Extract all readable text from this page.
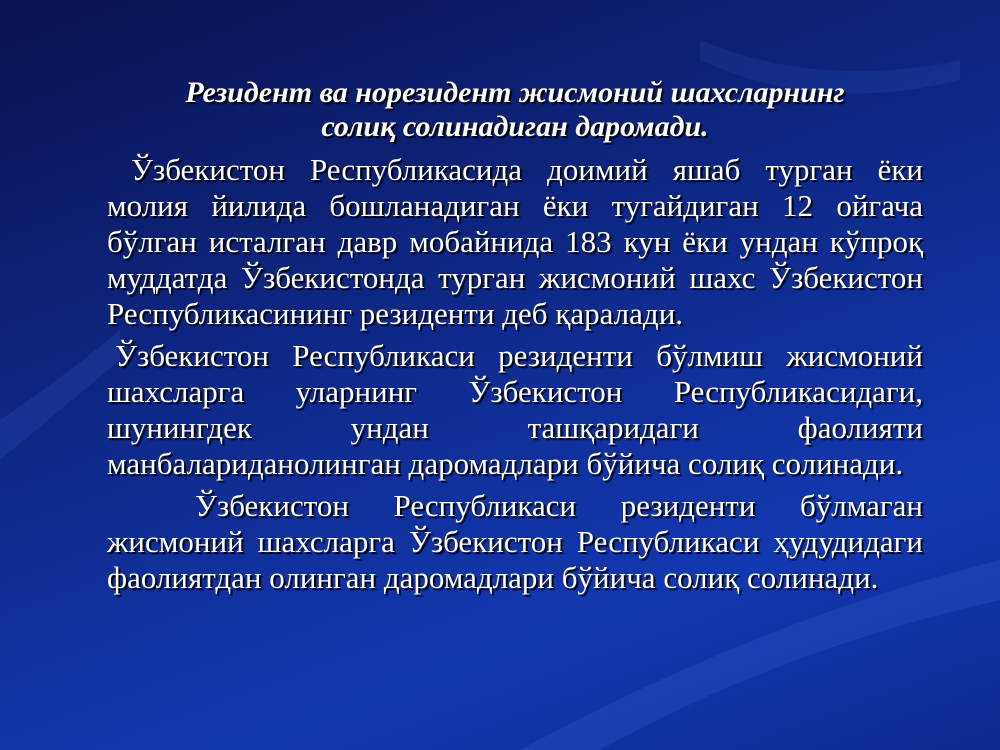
Резидент ва норезидент жисмоний шахсларнинг
солиқ солинадиган даромади.

Ўзбекистон Республикасида доимий яшаб турган ёки молия йилида бошланадиган ёки тугайдиган 12 ойгача бўлган исталган давр мобайнида 183 кун ёки ундан кўпроқ муддатда Ўзбекистонда турган жисмоний шахс Ўзбекистон Республикасининг резиденти деб қаралади.

Ўзбекистон Республикаси резиденти бўлмиш жисмоний шахсларга уларнинг Ўзбекистон Республикасидаги, шунингдек ундан ташқаридаги фаолияти манбалариданолинган даромадлари бўйича солиқ солинади.

Ўзбекистон Республикаси резиденти бўлмаган жисмоний шахсларга Ўзбекистон Республикаси ҳудудидаги фаолиятдан олинган даромадлари бўйича солиқ солинади.
